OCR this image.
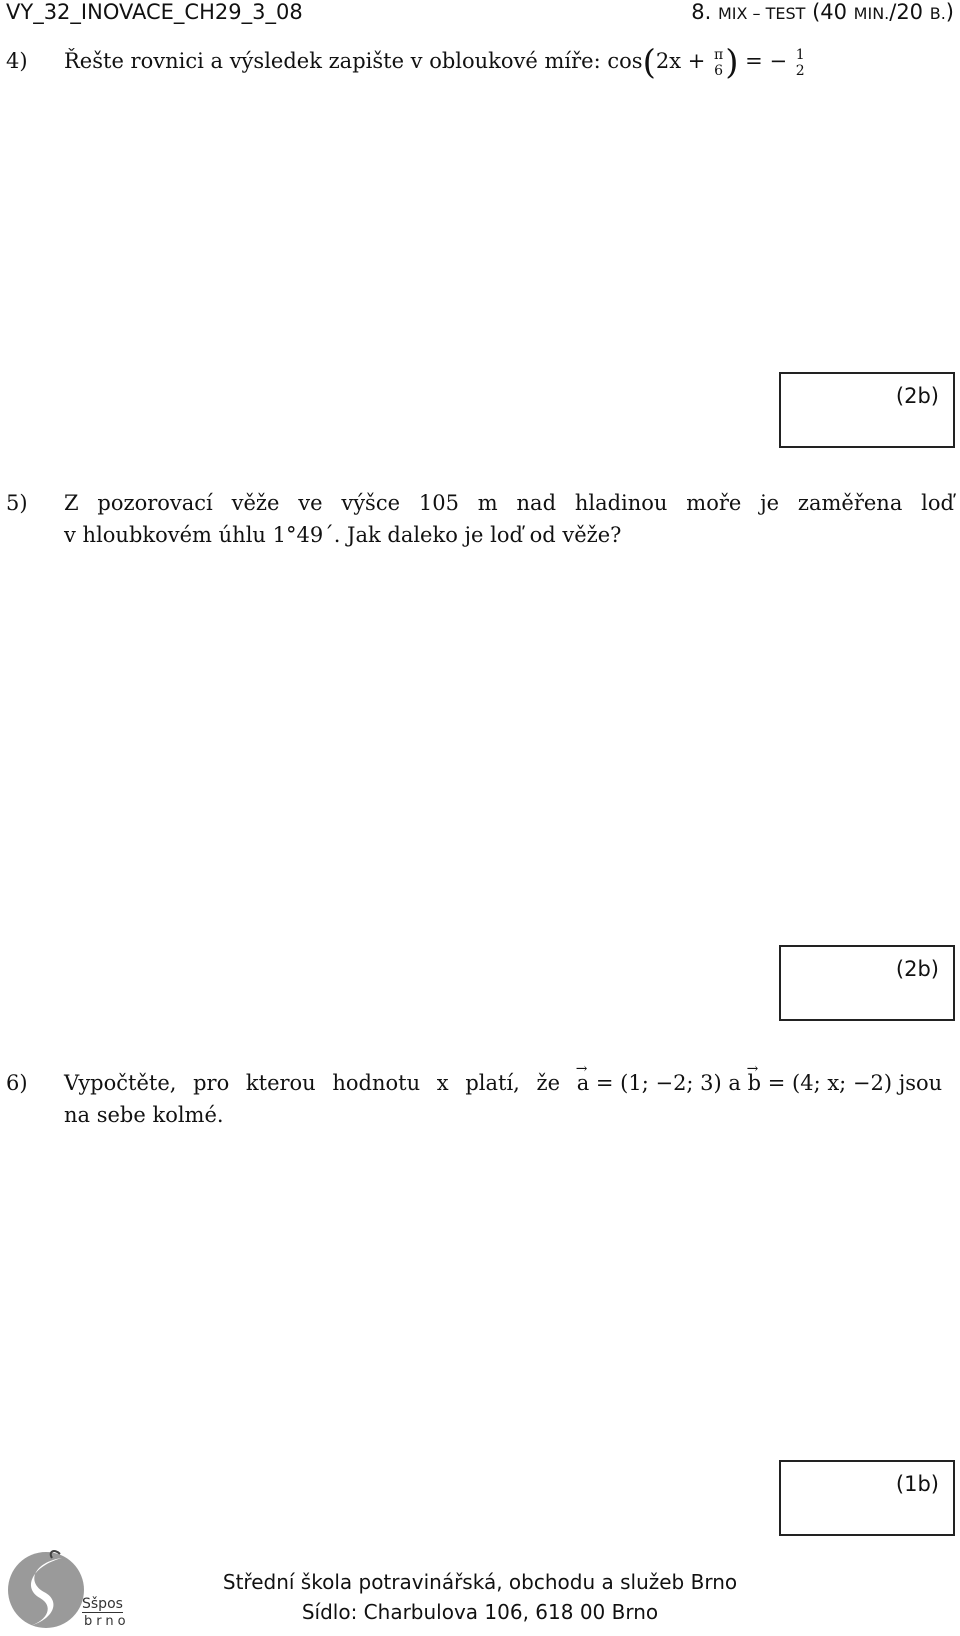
VY_32_INOVACE_CH29_3_08	8. MIX – TEST (40 MIN./20 B.)
4) Řešte rovnici a výsledek zapište v obloukové míře: cos(2x + π
6 ) = − 1
2
(2b)
5) Z pozorovací věže ve výšce 105 m nad hladinou moře je zaměřena loď
v hloubkovém úhlu 1°49´. Jak daleko je loď od věže?
(2b)
6) Vypočtěte, pro kterou hodnotu x platí, že → a = (1; −2; 3) a → b = (4; x; −2) jsou
na sebe kolmé.
(1b)
Sšpos
brno
Střední škola potravinářská, obchodu a služeb Brno
Sídlo: Charbulova 106, 618 00 Brno
